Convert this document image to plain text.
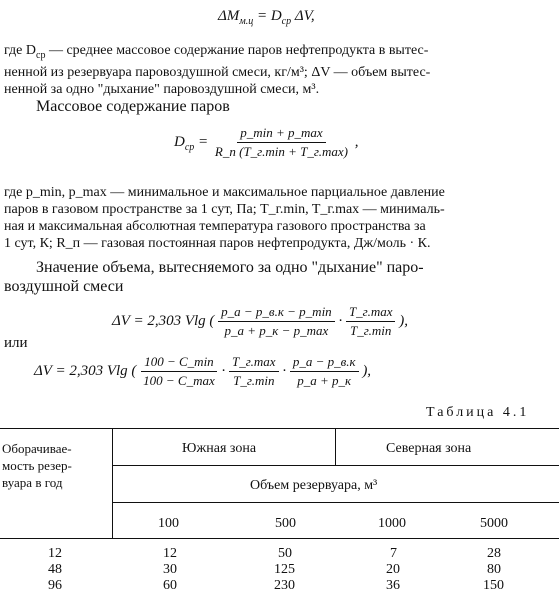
$\Delta M_{м.ц} = D_{ср}$ ΔV,
где $D_{ср}$ — среднее массовое содержание паров нефтепродукта в вытес-
ненной из резервуара паровоздушной смеси, кг/м³; ΔV — объем вытес-
ненной за одно "дыхание" паровоздушной смеси, м³.
Массовое содержание паров
$D_{ср} = \frac{p\_\min + p\_\max}{R\_п (T\_г.\min + T\_г.\max)}$ ,
где p_min, p_max — минимальное и максимальное парциальное давление
паров в газовом пространстве за 1 сут, Па; T_г.min, T_г.max — минималь-
ная и максимальная абсолютная температура газового пространства за
1 сут, К; R_п — газовая постоянная паров нефтепродукта, Дж/моль · К.
Значение объема, вытесняемого за одно "дыхание" паро-
воздушной смеси
ΔV = 2,303 Vlg ( $\frac{p\_a - p\_в.к - p\_\min}{p\_a + p\_к - p\_\max} \cdot \frac{T\_г.\max}{T\_г.\min}$ ),
или
ΔV = 2,303 Vlg ( $\frac{100 - C\_\min}{100 - C\_\max} \cdot \frac{T\_г.\max}{T\_г.\min} \cdot \frac{p\_a - p\_в.к}{p\_a + p\_к}$ ),
Таблица 4.1
Оборачивае-
мость резер-
вуара в год
Южная зона	Северная зона
Объем резервуара, м³
100	500	1000	5000
12	12	50	7	28
48	30	125	20	80
96	60	230	36	150
